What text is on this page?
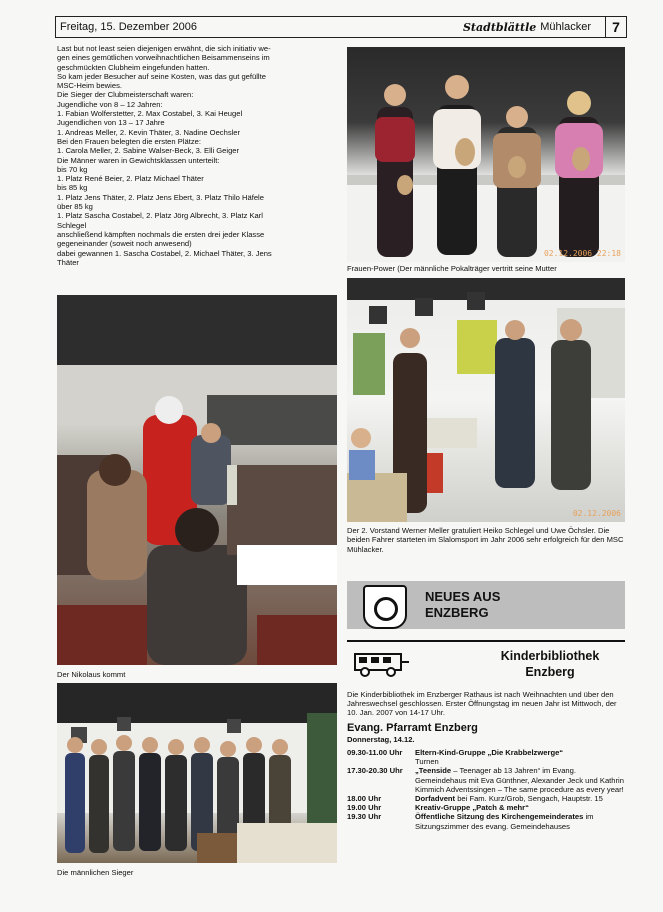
Freitag, 15. Dezember 2006	Stadtblättle Mühlacker	7
Last but not least seien diejenigen erwähnt, die sich initiativ we-
gen eines gemütlichen vorweihnachtlichen Beisammenseins im
geschmückten Clubheim eingefunden hatten.
So kam jeder Besucher auf seine Kosten, was das gut gefüllte
MSC-Heim bewies.
Die Sieger der Clubmeisterschaft waren:
Jugendliche von 8 – 12 Jahren:
1. Fabian Wolferstetter, 2. Max Costabel, 3. Kai Heugel
Jugendlichen von 13 – 17 Jahre
1. Andreas Meller, 2. Kevin Thäter, 3. Nadine Oechsler
Bei den Frauen belegten die ersten Plätze:
1. Carola Meller, 2. Sabine Walser-Beck, 3. Elli Geiger
Die Männer waren in Gewichtsklassen unterteilt:
bis 70 kg
1. Platz René Beier, 2. Platz Michael Thäter
bis 85 kg
1. Platz Jens Thäter, 2. Platz Jens Ebert, 3. Platz Thilo Häfele
über 85 kg
1. Platz Sascha Costabel, 2. Platz Jörg Albrecht, 3. Platz Karl
Schlegel
anschließend kämpften nochmals die ersten drei jeder Klasse
gegeneinander (soweit noch anwesend)
dabei gewannen 1. Sascha Costabel, 2. Michael Thäter, 3. Jens
Thäter
02.12.2006 22:18
Frauen-Power (Der männliche Pokalträger vertritt seine Mutter
02.12.2006
Der 2. Vorstand Werner Meller gratuliert Heiko Schlegel und Uwe Öchsler. Die beiden Fahrer starteten im Slalomsport im Jahr 2006 sehr erfolgreich für den MSC Mühlacker.
Der Nikolaus kommt
Die männlichen Sieger
NEUES AUS
ENZBERG
Kinderbibliothek
Enzberg
Die Kinderbibliothek im Enzberger Rathaus ist nach Weihnachten und über den Jahreswechsel geschlossen. Erster Öffnungstag im neuen Jahr ist Mittwoch, der 10. Jan. 2007 von 14-17 Uhr.
Evang. Pfarramt Enzberg
Donnerstag, 14.12.
09.30-11.00 Uhr	Eltern-Kind-Gruppe „Die Krabbelzwerge“
Turnen
17.30-20.30 Uhr	„Teenside – Teenager ab 13 Jahren“ im Evang. Gemeindehaus mit Eva Günthner, Alexander Jeck und Kathrin Kimmich Adventssingen – The same procedure as every year!
18.00 Uhr	Dorfadvent bei Fam. Kurz/Grob, Sengach, Hauptstr. 15
19.00 Uhr	Kreativ-Gruppe „Patch & mehr“
19.30 Uhr	Öffentliche Sitzung des Kirchengemeinderates im Sitzungszimmer des evang. Gemeindehauses
